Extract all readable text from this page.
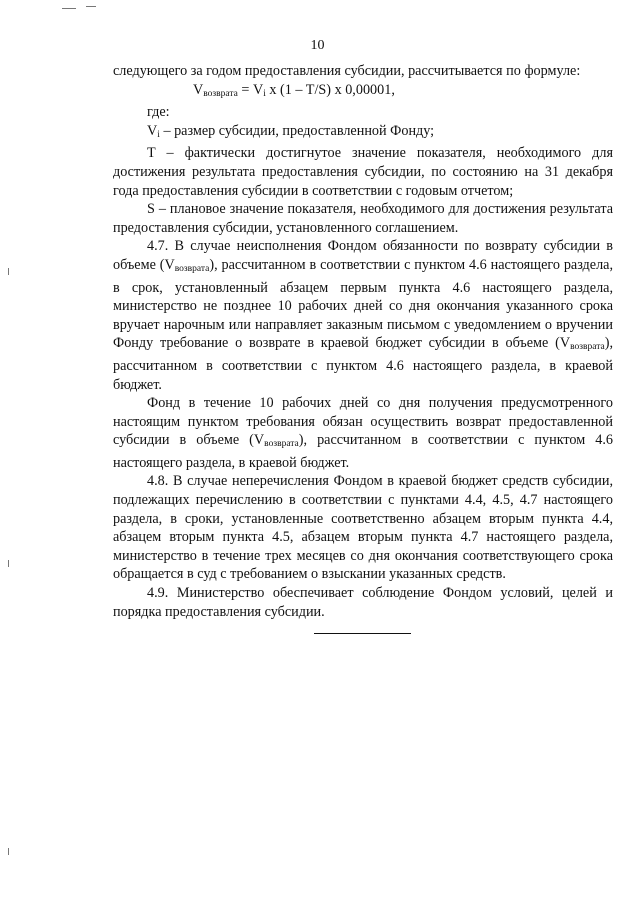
10

следующего за годом предоставления субсидии, рассчитывается по формуле:

$V_{возврата} = V_i$ x (1 – T/S) x 0,00001,

где:

$V_i$ – размер субсидии, предоставленной Фонду;

T – фактически достигнутое значение показателя, необходимого для достижения результата предоставления субсидии, по состоянию на 31 декабря года предоставления субсидии в соответствии с годовым отчетом;

S – плановое значение показателя, необходимого для достижения результата предоставления субсидии, установленного соглашением.

4.7. В случае неисполнения Фондом обязанности по возврату субсидии в объеме $(V_{возврата})$, рассчитанном в соответствии с пунктом 4.6 настоящего раздела, в срок, установленный абзацем первым пункта 4.6 настоящего раздела, министерство не позднее 10 рабочих дней со дня окончания указанного срока вручает нарочным или направляет заказным письмом с уведомлением о вручении Фонду требование о возврате в краевой бюджет субсидии в объеме $(V_{возврата})$, рассчитанном в соответствии с пунктом 4.6 настоящего раздела, в краевой бюджет.

Фонд в течение 10 рабочих дней со дня получения предусмотренного настоящим пунктом требования обязан осуществить возврат предоставленной субсидии в объеме $(V_{возврата})$, рассчитанном в соответствии с пунктом 4.6 настоящего раздела, в краевой бюджет.

4.8. В случае неперечисления Фондом в краевой бюджет средств субсидии, подлежащих перечислению в соответствии с пунктами 4.4, 4.5, 4.7 настоящего раздела, в сроки, установленные соответственно абзацем вторым пункта 4.4, абзацем вторым пункта 4.5, абзацем вторым пункта 4.7 настоящего раздела, министерство в течение трех месяцев со дня окончания соответствующего срока обращается в суд с требованием о взыскании указанных средств.

4.9. Министерство обеспечивает соблюдение Фондом условий, целей и порядка предоставления субсидии.
